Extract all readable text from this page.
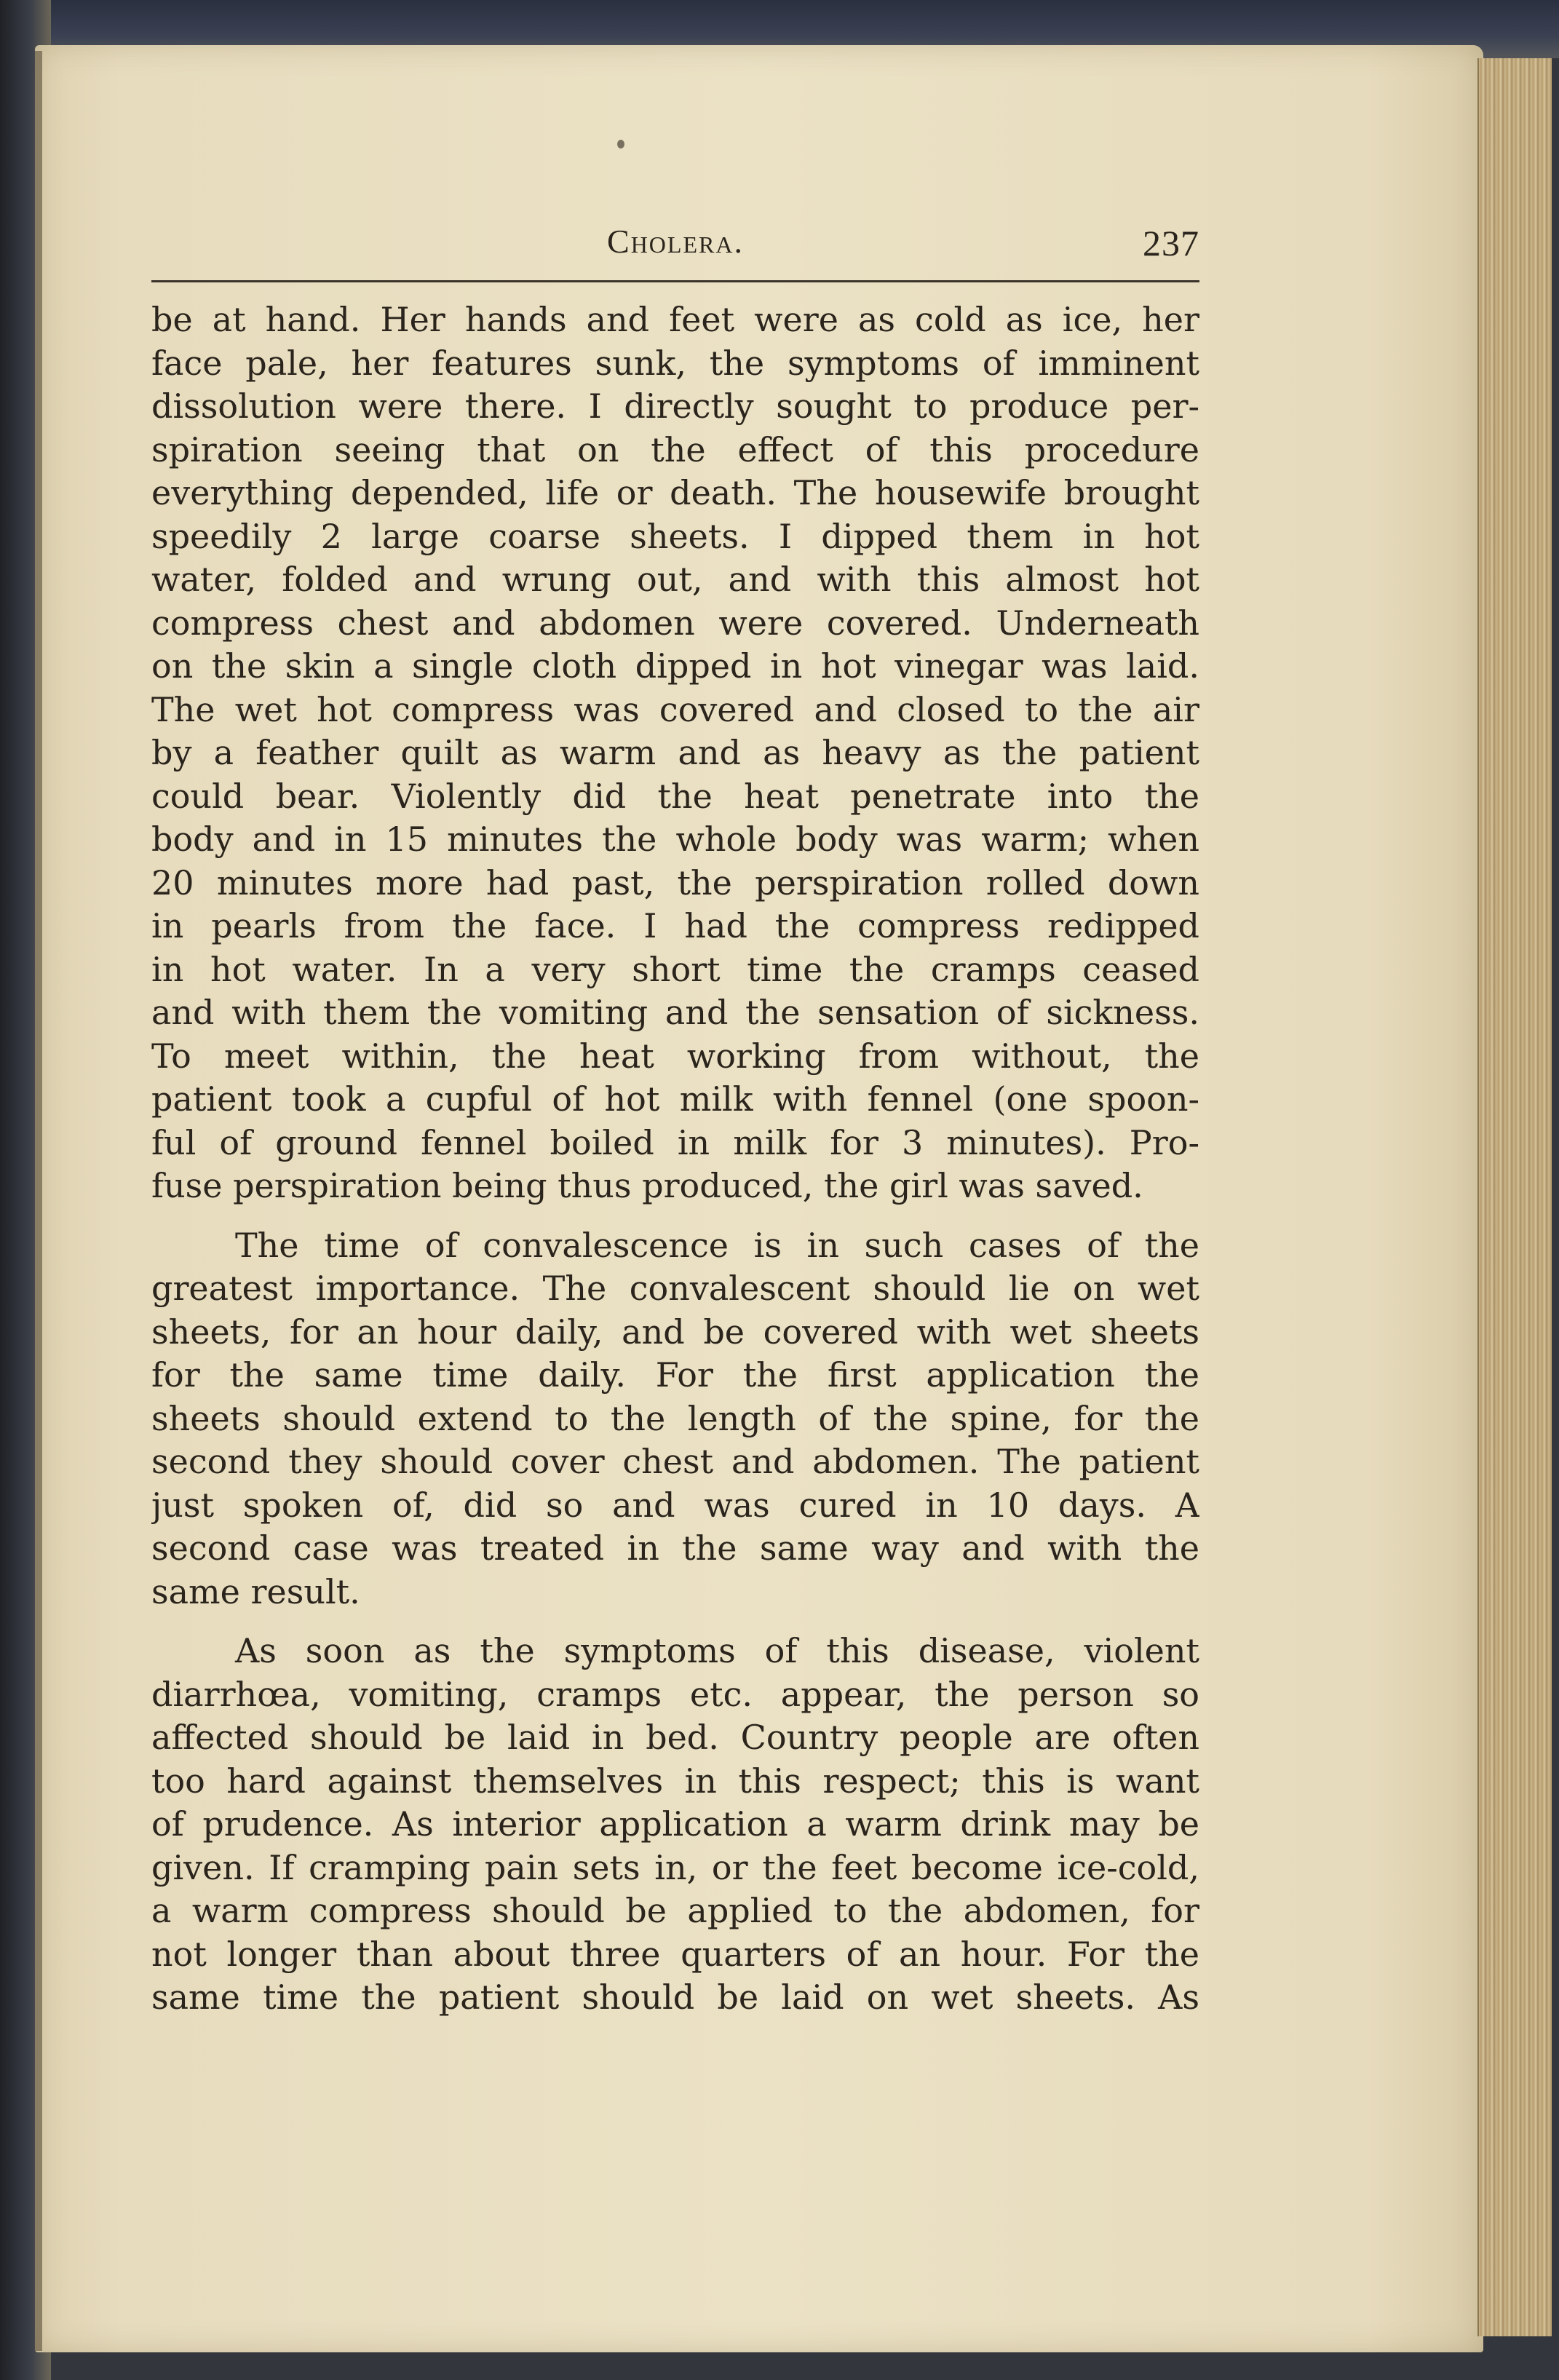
Cholera.	237
be at hand. Her hands and feet were as cold as ice, her
face pale, her features sunk, the symptoms of imminent
dissolution were there. I directly sought to produce per-
spiration seeing that on the effect of this procedure
everything depended, life or death. The housewife brought
speedily 2 large coarse sheets. I dipped them in hot
water, folded and wrung out, and with this almost hot
compress chest and abdomen were covered. Underneath
on the skin a single cloth dipped in hot vinegar was laid.
The wet hot compress was covered and closed to the air
by a feather quilt as warm and as heavy as the patient
could bear. Violently did the heat penetrate into the
body and in 15 minutes the whole body was warm; when
20 minutes more had past, the perspiration rolled down
in pearls from the face. I had the compress redipped
in hot water. In a very short time the cramps ceased
and with them the vomiting and the sensation of sickness.
To meet within, the heat working from without, the
patient took a cupful of hot milk with fennel (one spoon-
ful of ground fennel boiled in milk for 3 minutes). Pro-
fuse perspiration being thus produced, the girl was saved.
The time of convalescence is in such cases of the
greatest importance. The convalescent should lie on wet
sheets, for an hour daily, and be covered with wet sheets
for the same time daily. For the first application the
sheets should extend to the length of the spine, for the
second they should cover chest and abdomen. The patient
just spoken of, did so and was cured in 10 days. A
second case was treated in the same way and with the
same result.
As soon as the symptoms of this disease, violent
diarrhœa, vomiting, cramps etc. appear, the person so
affected should be laid in bed. Country people are often
too hard against themselves in this respect; this is want
of prudence. As interior application a warm drink may be
given. If cramping pain sets in, or the feet become ice-cold,
a warm compress should be applied to the abdomen, for
not longer than about three quarters of an hour. For the
same time the patient should be laid on wet sheets. As
